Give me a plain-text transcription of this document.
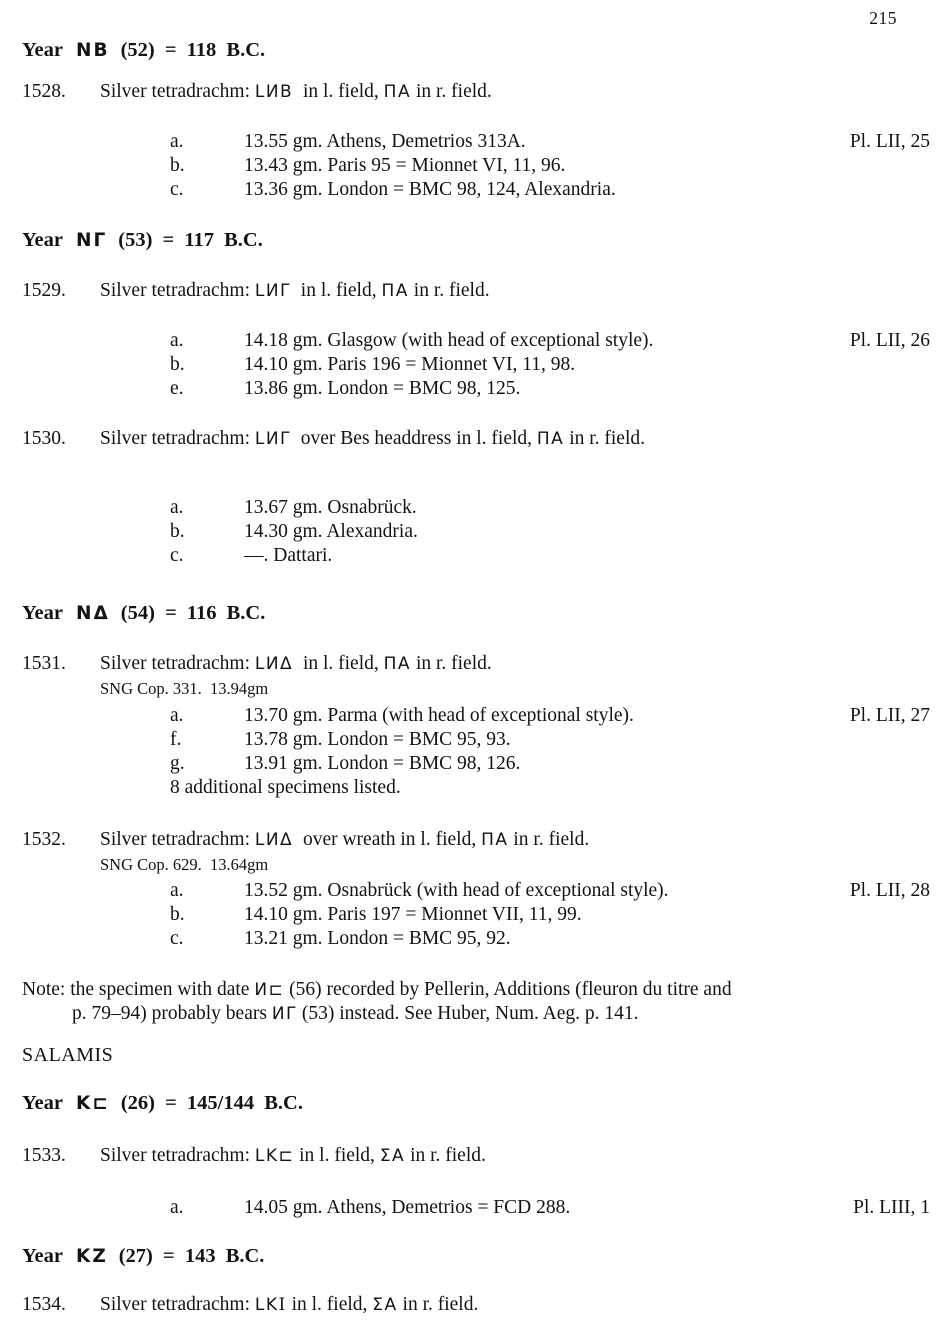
215
Year NB (52) = 118 B.C.
1528. Silver tetradrachm: LИB  in l. field, ΠA in r. field.
a.	13.55 gm. Athens, Demetrios 313A.	Pl. LII, 25
b.	13.43 gm. Paris 95 = Mionnet VI, 11, 96.
c.	13.36 gm. London = BMC 98, 124, Alexandria.
Year NΓ (53) = 117 B.C.
1529. Silver tetradrachm: LИΓ  in l. field, ΠA in r. field.
a.	14.18 gm. Glasgow (with head of exceptional style).	Pl. LII, 26
b.	14.10 gm. Paris 196 = Mionnet VI, 11, 98.
e.	13.86 gm. London = BMC 98, 125.
1530. Silver tetradrachm: LИΓ  over Bes headdress in l. field, ΠA in r. field.
a.	13.67 gm. Osnabrück.
b.	14.30 gm. Alexandria.
c.	—. Dattari.
Year NΔ (54) = 116 B.C.
1531. Silver tetradrachm: LИΔ  in l. field, ΠA in r. field.
SNG Cop. 331.  13.94gm
a.	13.70 gm. Parma (with head of exceptional style).	Pl. LII, 27
f.	13.78 gm. London = BMC 95, 93.
g.	13.91 gm. London = BMC 98, 126.
8 additional specimens listed.
1532. Silver tetradrachm: LИΔ  over wreath in l. field, ΠA in r. field.
SNG Cop. 629.  13.64gm
a.	13.52 gm. Osnabrück (with head of exceptional style).	Pl. LII, 28
b.	14.10 gm. Paris 197 = Mionnet VII, 11, 99.
c.	13.21 gm. London = BMC 95, 92.
Note: the specimen with date И⊏ (56) recorded by Pellerin, Additions (fleuron du titre and
p. 79–94) probably bears ИΓ (53) instead. See Huber, Num. Aeg. p. 141.
SALAMIS
Year K⊏ (26) = 145/144 B.C.
1533. Silver tetradrachm: LK⊏ in l. field, ΣA in r. field.
a.	14.05 gm. Athens, Demetrios = FCD 288.	Pl. LIII, 1
Year KZ (27) = 143 B.C.
1534. Silver tetradrachm: LKI in l. field, ΣA in r. field.
